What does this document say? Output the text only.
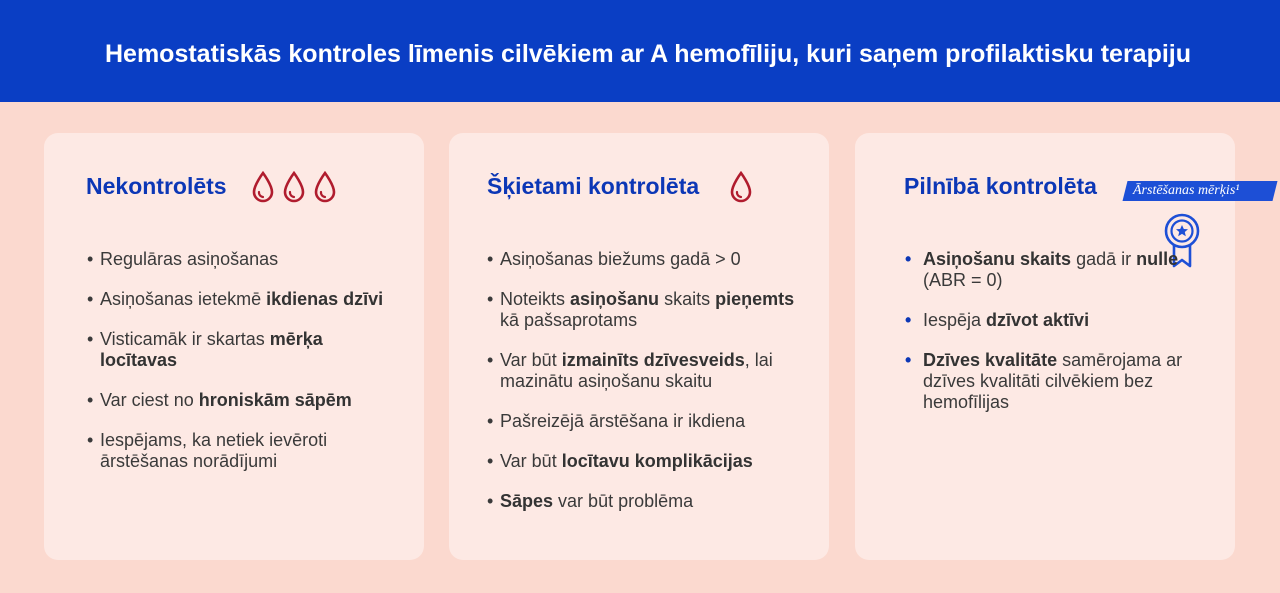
Hemostatiskās kontroles līmenis cilvēkiem ar A hemofīliju, kuri saņem profilaktisku terapiju
Nekontrolēts
• Regulāras asiņošanas
• Asiņošanas ietekmē ikdienas dzīvi
• Visticamāk ir skartas mērķa locītavas
• Var ciest no hroniskām sāpēm
• Iespējams, ka netiek ievēroti ārstēšanas norādījumi
Šķietami kontrolēta
• Asiņošanas biežums gadā > 0
• Noteikts asiņošanu skaits pieņemts kā pašsaprotams
• Var būt izmainīts dzīvesveids, lai mazinātu asiņošanu skaitu
• Pašreizējā ārstēšana ir ikdiena
• Var būt locītavu komplikācijas
• Sāpes var būt problēma
Pilnībā kontrolēta	Ārstēšanas mērķis¹
• Asiņošanu skaits gadā ir nulle (ABR = 0)
• Iespēja dzīvot aktīvi
• Dzīves kvalitāte samērojama ar dzīves kvalitāti cilvēkiem bez hemofīlijas
